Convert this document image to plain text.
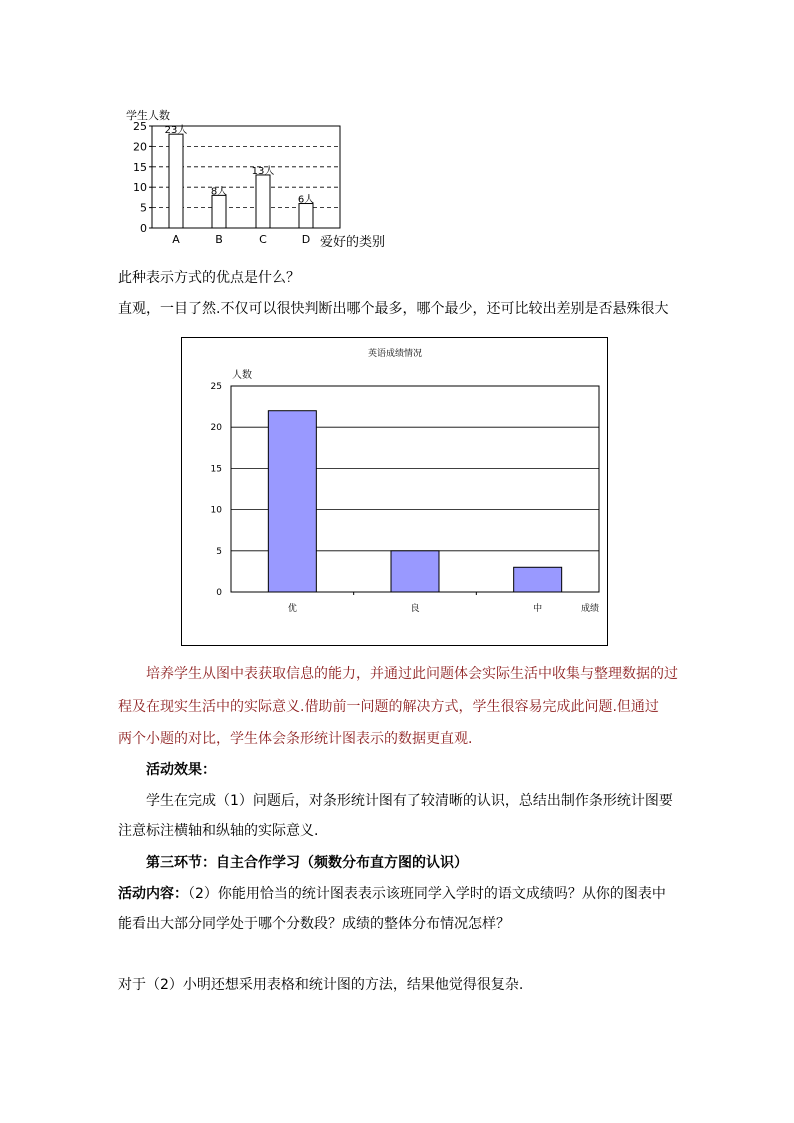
学生人数
爱好的类别
0
5
10
15
20
25 23人
8人
13人
6人
A	B	C	D
此种表示方式的优点是什么？
直观，一目了然.不仅可以很快判断出哪个最多，哪个最少，还可比较出差别是否悬殊很大
英语成绩情况
人数
成绩
0
5
10
15
20
25
优	良	中
培养学生从图中表获取信息的能力，并通过此问题体会实际生活中收集与整理数据的过
程及在现实生活中的实际意义.借助前一问题的解决方式，学生很容易完成此问题.但通过
两个小题的对比，学生体会条形统计图表示的数据更直观.
活动效果：
学生在完成（1）问题后，对条形统计图有了较清晰的认识，总结出制作条形统计图要
注意标注横轴和纵轴的实际意义.
第三环节：自主合作学习（频数分布直方图的认识）
活动内容：（2）你能用恰当的统计图表表示该班同学入学时的语文成绩吗？从你的图表中
能看出大部分同学处于哪个分数段？成绩的整体分布情况怎样？
对于（2）小明还想采用表格和统计图的方法，结果他觉得很复杂.
